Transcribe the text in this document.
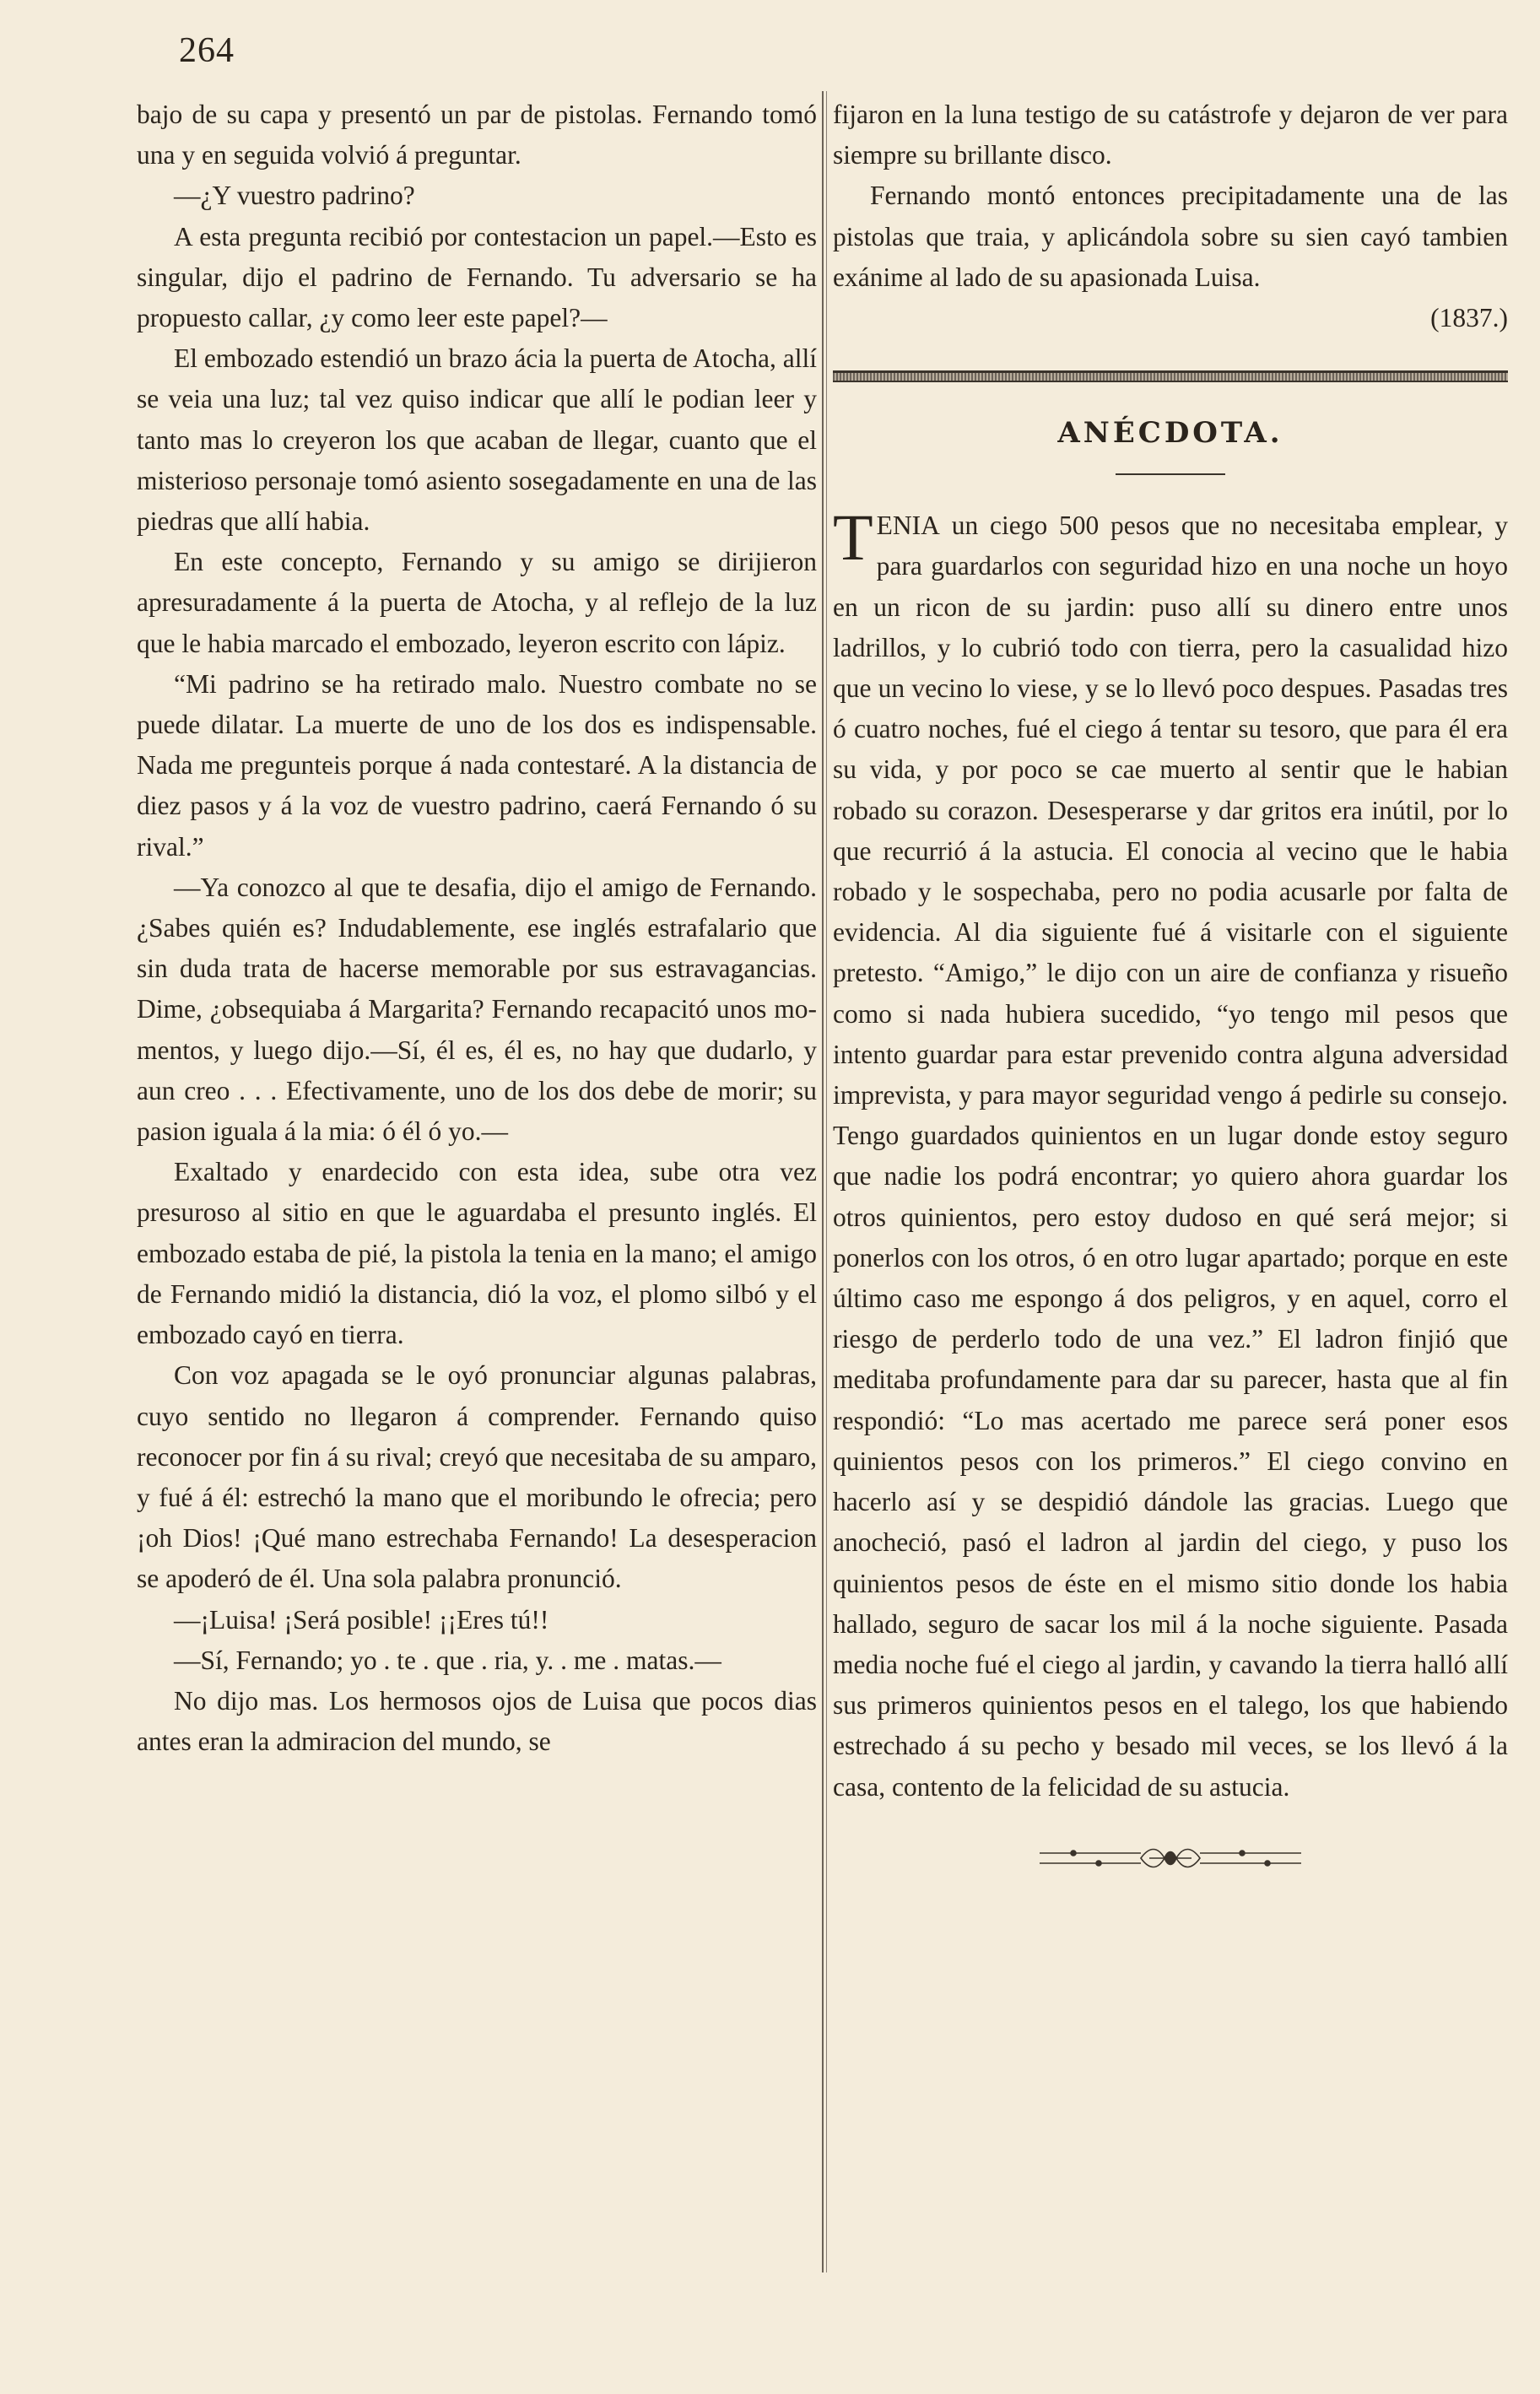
264

bajo de su capa y presentó un par de pistolas. Fernando tomó una y en seguida volvió á preguntar.

—¿Y vuestro padrino?

A esta pregunta recibió por contestacion un papel.—Esto es singular, dijo el padrino de Fernando. Tu adversario se ha propuesto callar, ¿y como leer este papel?—

El embozado estendió un brazo ácia la puerta de Atocha, allí se veia una luz; tal vez quiso indicar que allí le podian leer y tanto mas lo creyeron los que acaban de llegar, cuanto que el misterioso personaje tomó asiento sosegadamente en una de las piedras que allí habia.

En este concepto, Fernando y su amigo se dirijieron apresuradamente á la puerta de Atocha, y al reflejo de la luz que le habia marcado el embozado, leyeron escrito con lápiz.

“Mi padrino se ha retirado malo. Nuestro combate no se puede dilatar. La muerte de uno de los dos es indispensable. Nada me pregunteis porque á nada contestaré. A la distancia de diez pasos y á la voz de vuestro padrino, caerá Fernando ó su rival.”

—Ya conozco al que te desafia, dijo el amigo de Fernando. ¿Sabes quién es? Indudablemente, ese inglés estrafalario que sin duda trata de hacerse memorable por sus estravagancias. Dime, ¿obsequiaba á Margarita? Fernando recapacitó unos momentos, y luego dijo.—Sí, él es, él es, no hay que dudarlo, y aun creo . . . Efectivamente, uno de los dos debe de morir; su pasion iguala á la mia: ó él ó yo.—

Exaltado y enardecido con esta idea, sube otra vez presuroso al sitio en que le aguardaba el presunto inglés. El embozado estaba de pié, la pistola la tenia en la mano; el amigo de Fernando midió la distancia, dió la voz, el plomo silbó y el embozado cayó en tierra.

Con voz apagada se le oyó pronunciar algunas palabras, cuyo sentido no llegaron á comprender. Fernando quiso reconocer por fin á su rival; creyó que necesitaba de su amparo, y fué á él: estrechó la mano que el moribundo le ofrecia; pero ¡oh Dios! ¡Qué mano estrechaba Fernando! La desesperacion se apoderó de él. Una sola palabra pronunció.

—¡Luisa! ¡Será posible! ¡¡Eres tú!!

—Sí, Fernando; yo . te . que . ria, y. . me . matas.—

No dijo mas. Los hermosos ojos de Luisa que pocos dias antes eran la admiracion del mundo, se

fijaron en la luna testigo de su catástrofe y dejaron de ver para siempre su brillante disco.

Fernando montó entonces precipitadamente una de las pistolas que traia, y aplicándola sobre su sien cayó tambien exánime al lado de su apasionada Luisa.

(1837.)

ANÉCDOTA.

TENIA un ciego 500 pesos que no necesitaba emplear, y para guardarlos con seguridad hizo en una noche un hoyo en un ricon de su jardin: puso allí su dinero entre unos ladrillos, y lo cubrió todo con tierra, pero la casualidad hizo que un vecino lo viese, y se lo llevó poco despues. Pasadas tres ó cuatro noches, fué el ciego á tentar su tesoro, que para él era su vida, y por poco se cae muerto al sentir que le habian robado su corazon. Desesperarse y dar gritos era inútil, por lo que recurrió á la astucia. El conocia al vecino que le habia robado y le sospechaba, pero no podia acusarle por falta de evidencia. Al dia siguiente fué á visitarle con el siguiente pretesto. “Amigo,” le dijo con un aire de confianza y risueño como si nada hubiera sucedido, “yo tengo mil pesos que intento guardar para estar prevenido contra alguna adversidad imprevista, y para mayor seguridad vengo á pedirle su consejo. Tengo guardados quinientos en un lugar donde estoy seguro que nadie los podrá encontrar; yo quiero ahora guardar los otros quinientos, pero estoy dudoso en qué será mejor; si ponerlos con los otros, ó en otro lugar apartado; porque en este último caso me espongo á dos peligros, y en aquel, corro el riesgo de perderlo todo de una vez.” El ladron finjió que meditaba profundamente para dar su parecer, hasta que al fin respondió: “Lo mas acertado me parece será poner esos quinientos pesos con los primeros.” El ciego convino en hacerlo así y se despidió dándole las gracias. Luego que anocheció, pasó el ladron al jardin del ciego, y puso los quinientos pesos de éste en el mismo sitio donde los habia hallado, seguro de sacar los mil á la noche siguiente. Pasada media noche fué el ciego al jardin, y cavando la tierra halló allí sus primeros quinientos pesos en el talego, los que habiendo estrechado á su pecho y besado mil veces, se los llevó á la casa, contento de la felicidad de su astucia.
